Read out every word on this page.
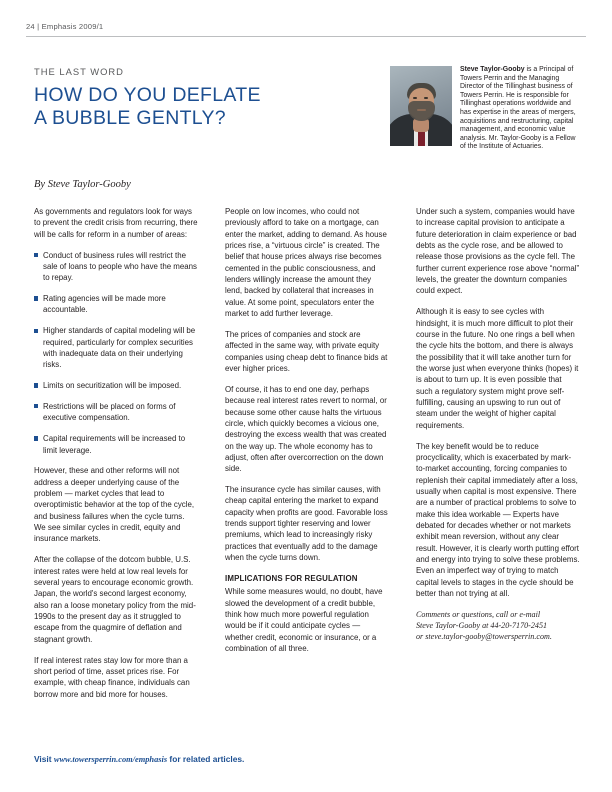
24 | Emphasis 2009/1
THE LAST WORD
HOW DO YOU DEFLATE
A BUBBLE GENTLY?
Steve Taylor-Gooby is a Principal of Towers Perrin and the Managing Director of the Tillinghast business of Towers Perrin. He is responsible for Tillinghast operations worldwide and has expertise in the areas of mergers, acquisitions and restructuring, capital management, and economic value analysis. Mr. Taylor-Gooby is a Fellow of the Institute of Actuaries.
By Steve Taylor-Gooby

As governments and regulators look for ways to prevent the credit crisis from recurring, there will be calls for reform in a number of areas:

Conduct of business rules will restrict the sale of loans to people who have the means to repay.
Rating agencies will be made more accountable.
Higher standards of capital modeling will be required, particularly for complex securities with inadequate data on their underlying risks.
Limits on securitization will be imposed.
Restrictions will be placed on forms of executive compensation.
Capital requirements will be increased to limit leverage.

However, these and other reforms will not address a deeper underlying cause of the problem — market cycles that lead to overoptimistic behavior at the top of the cycle, and business failures when the cycle turns. We see similar cycles in credit, equity and insurance markets.

After the collapse of the dotcom bubble, U.S. interest rates were held at low real levels for several years to encourage economic growth. Japan, the world's second largest economy, also ran a loose monetary policy from the mid-1990s to the present day as it struggled to escape from the quagmire of deflation and stagnant growth.

If real interest rates stay low for more than a short period of time, asset prices rise. For example, with cheap finance, individuals can borrow more and bid more for houses.

People on low incomes, who could not previously afford to take on a mortgage, can enter the market, adding to demand. As house prices rise, a “virtuous circle” is created. The belief that house prices always rise becomes cemented in the public consciousness, and lenders willingly increase the amount they lend, backed by collateral that increases in value. At some point, speculators enter the market to add further leverage.

The prices of companies and stock are affected in the same way, with private equity companies using cheap debt to finance bids at ever higher prices.

Of course, it has to end one day, perhaps because real interest rates revert to normal, or because some other cause halts the virtuous circle, which quickly becomes a vicious one, destroying the excess wealth that was created on the way up. The whole economy has to adjust, often after overcorrection on the down side.

The insurance cycle has similar causes, with cheap capital entering the market to expand capacity when profits are good. Favorable loss trends support tighter reserving and lower premiums, which lead to increasingly risky practices that eventually add to the damage when the cycle turns down.

IMPLICATIONS FOR REGULATION

While some measures would, no doubt, have slowed the development of a credit bubble, think how much more powerful regulation would be if it could anticipate cycles — whether credit, economic or insurance, or a combination of all three.

Under such a system, companies would have to increase capital provision to anticipate a future deterioration in claim experience or bad debts as the cycle rose, and be allowed to release those provisions as the cycle fell. The further current experience rose above “normal” levels, the greater the downturn companies could expect.

Although it is easy to see cycles with hindsight, it is much more difficult to plot their course in the future. No one rings a bell when the cycle hits the bottom, and there is always the possibility that it will take another turn for the worse just when everyone thinks (hopes) it is about to turn up. It is even possible that such a regulatory system might prove self-fulfilling, causing an upswing to run out of steam under the weight of higher capital requirements.

The key benefit would be to reduce procyclicality, which is exacerbated by mark-to-market accounting, forcing companies to replenish their capital immediately after a loss, usually when capital is most expensive. There are a number of practical problems to solve to make this idea workable — Experts have debated for decades whether or not markets exhibit mean reversion, without any clear result. However, it is clearly worth putting effort and energy into trying to solve these problems. Even an imperfect way of trying to match capital levels to stages in the cycle should be better than not trying at all.

Comments or questions, call or e-mail
Steve Taylor-Gooby at 44-20-7170-2451
or steve.taylor-gooby@towersperrin.com.

Visit www.towersperrin.com/emphasis for related articles.
